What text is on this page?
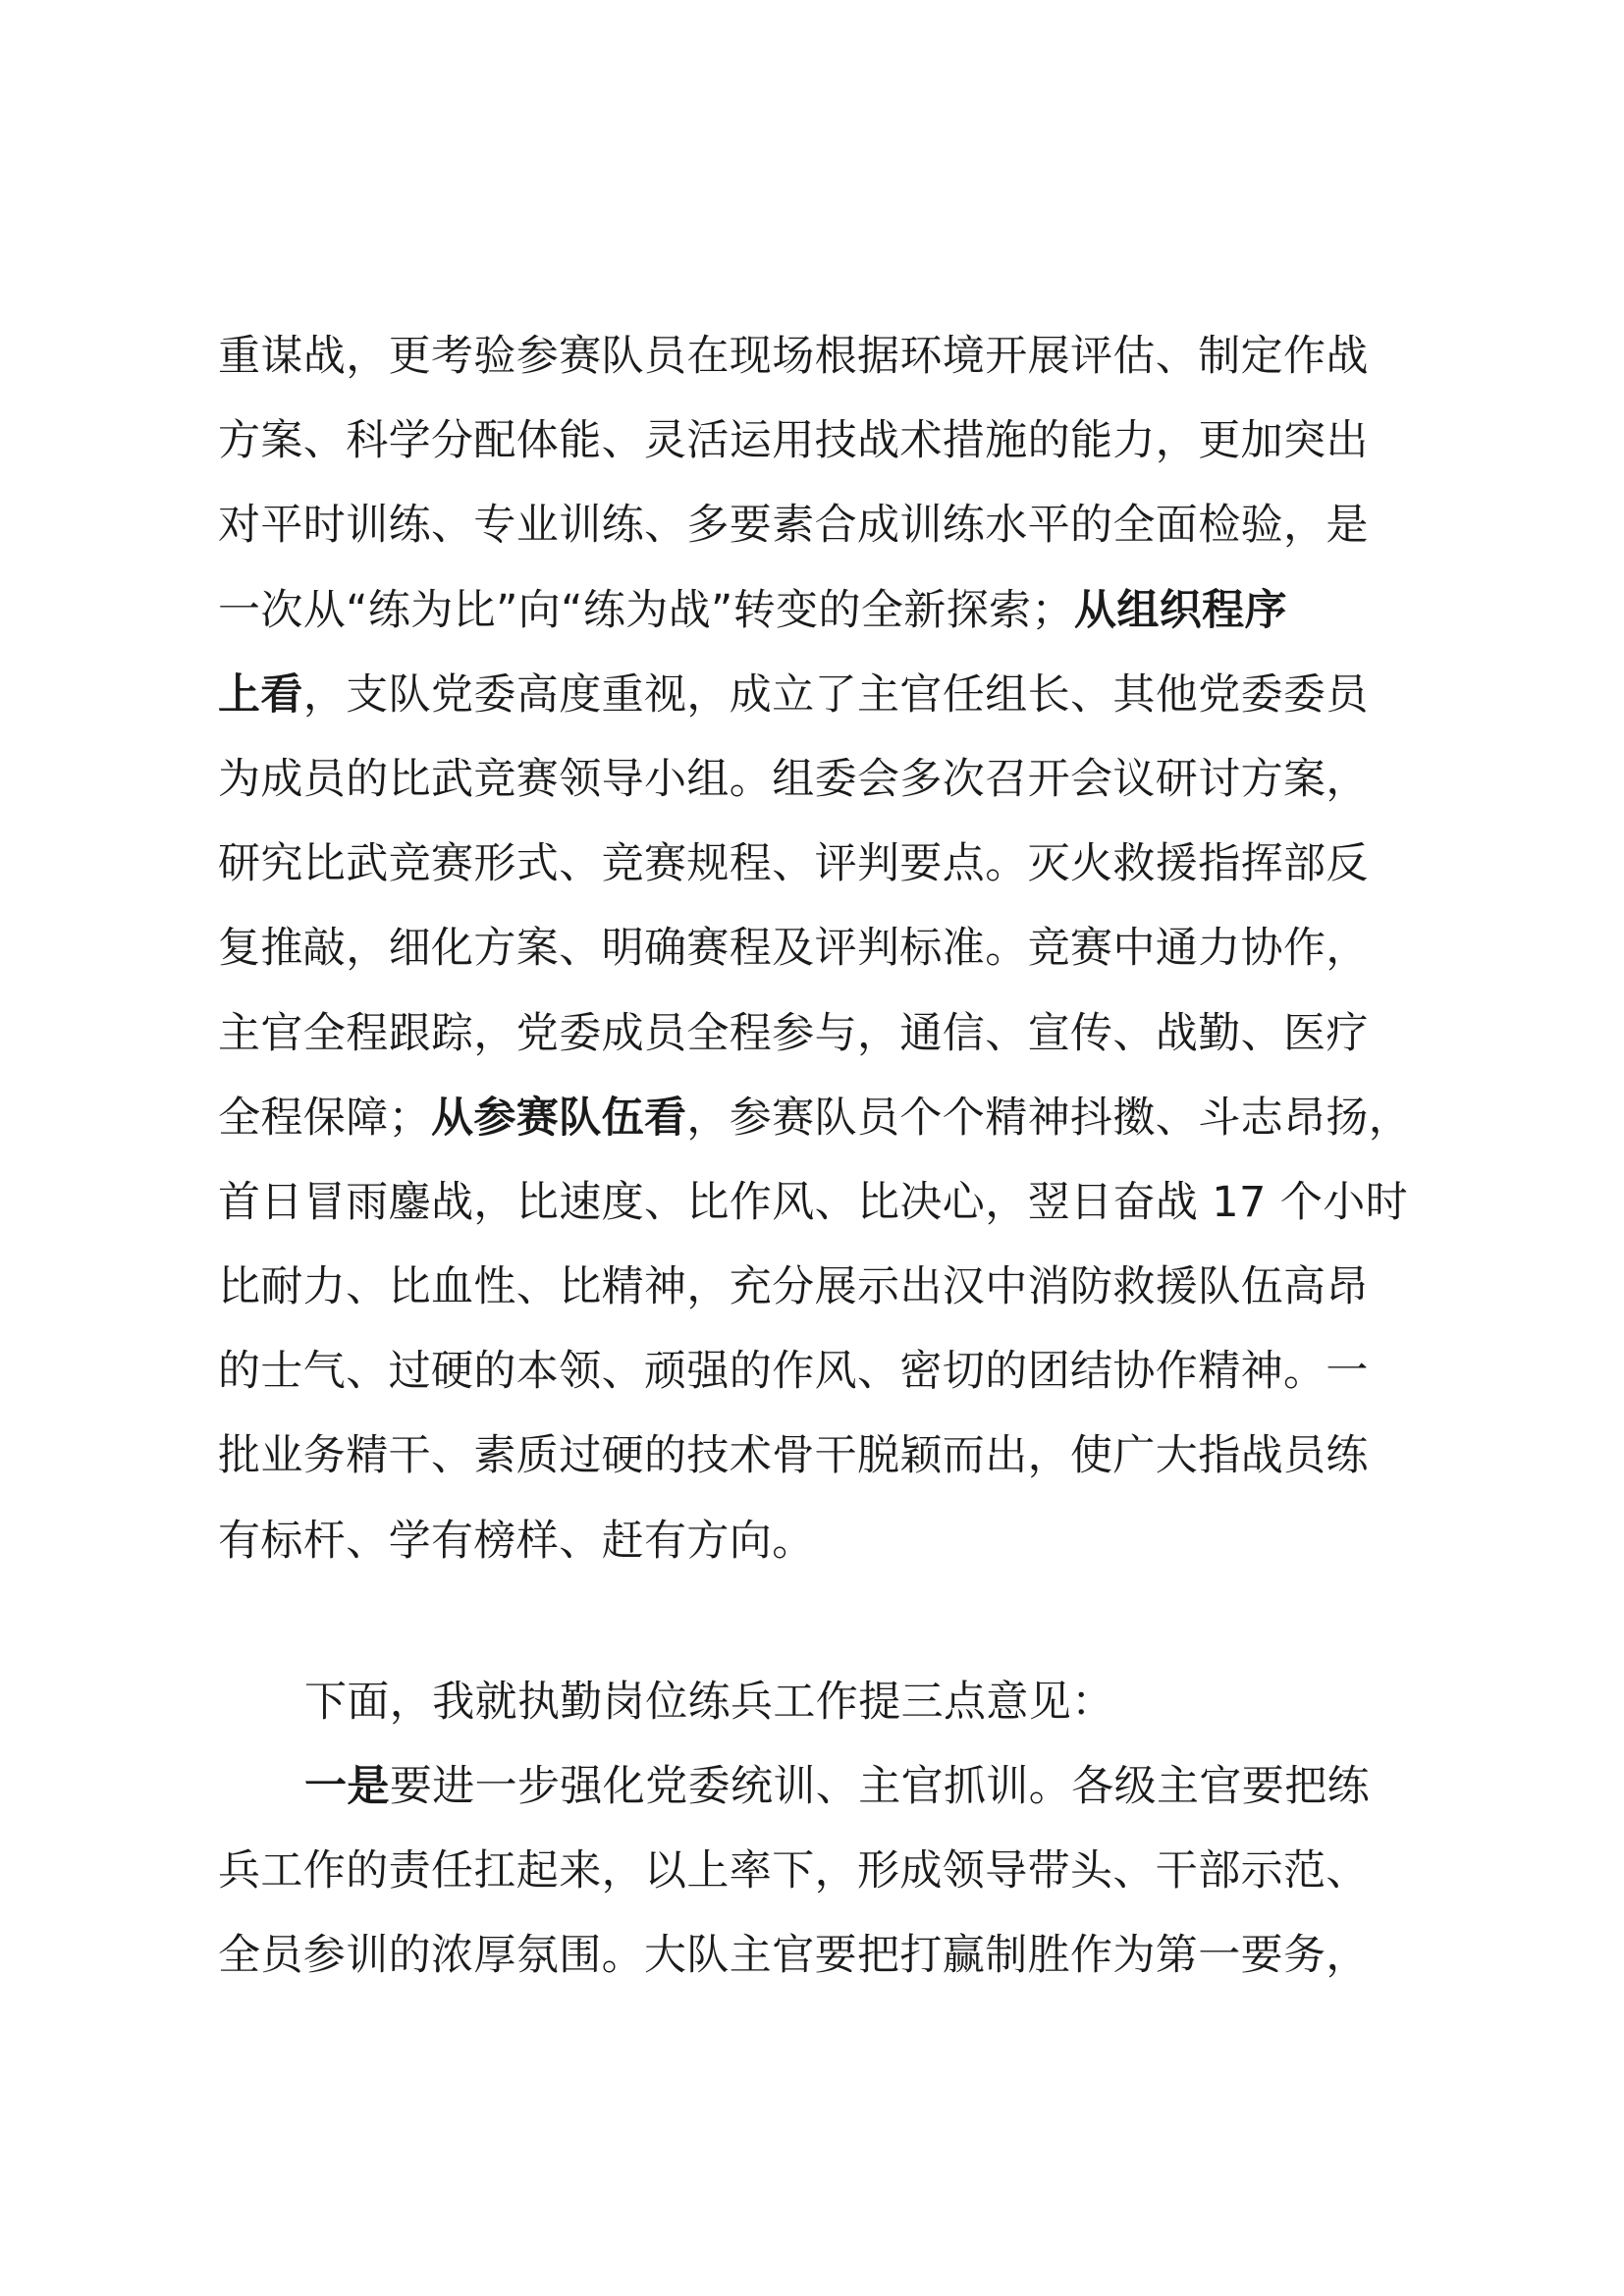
重谋战，更考验参赛队员在现场根据环境开展评估、制定作战
方案、科学分配体能、灵活运用技战术措施的能力，更加突出
对平时训练、专业训练、多要素合成训练水平的全面检验，是
一次从“练为比”向“练为战”转变的全新探索；从组织程序
上看，支队党委高度重视，成立了主官任组长、其他党委委员
为成员的比武竞赛领导小组。组委会多次召开会议研讨方案，
研究比武竞赛形式、竞赛规程、评判要点。灭火救援指挥部反
复推敲，细化方案、明确赛程及评判标准。竞赛中通力协作，
主官全程跟踪，党委成员全程参与，通信、宣传、战勤、医疗
全程保障；从参赛队伍看，参赛队员个个精神抖擞、斗志昂扬，
首日冒雨鏖战，比速度、比作风、比决心，翌日奋战 17 个小时
比耐力、比血性、比精神，充分展示出汉中消防救援队伍高昂
的士气、过硬的本领、顽强的作风、密切的团结协作精神。一
批业务精干、素质过硬的技术骨干脱颖而出，使广大指战员练
有标杆、学有榜样、赶有方向。
下面，我就执勤岗位练兵工作提三点意见：
一是要进一步强化党委统训、主官抓训。各级主官要把练
兵工作的责任扛起来，以上率下，形成领导带头、干部示范、
全员参训的浓厚氛围。大队主官要把打赢制胜作为第一要务，
